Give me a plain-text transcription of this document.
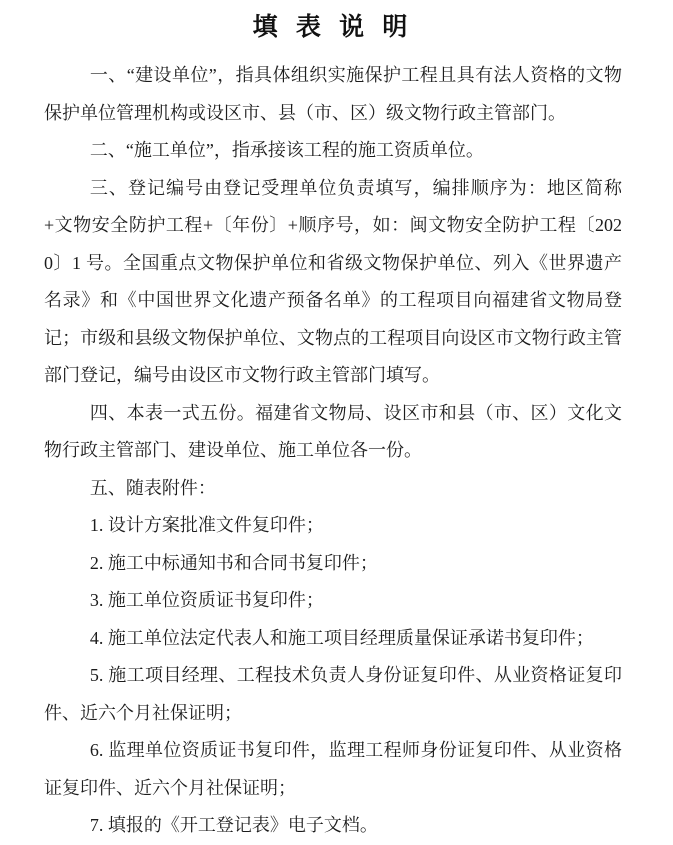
填 表 说 明

一、“建设单位”，指具体组织实施保护工程且具有法人资格的文物保护单位管理机构或设区市、县（市、区）级文物行政主管部门。

二、“施工单位”，指承接该工程的施工资质单位。

三、登记编号由登记受理单位负责填写，编排顺序为：地区简称+文物安全防护工程+〔年份〕+顺序号，如：闽文物安全防护工程〔2020〕1 号。全国重点文物保护单位和省级文物保护单位、列入《世界遗产名录》和《中国世界文化遗产预备名单》的工程项目向福建省文物局登记；市级和县级文物保护单位、文物点的工程项目向设区市文物行政主管部门登记，编号由设区市文物行政主管部门填写。

四、本表一式五份。福建省文物局、设区市和县（市、区）文化文物行政主管部门、建设单位、施工单位各一份。

五、随表附件：

1. 设计方案批准文件复印件；

2. 施工中标通知书和合同书复印件；

3. 施工单位资质证书复印件；

4. 施工单位法定代表人和施工项目经理质量保证承诺书复印件；

5. 施工项目经理、工程技术负责人身份证复印件、从业资格证复印件、近六个月社保证明；

6. 监理单位资质证书复印件，监理工程师身份证复印件、从业资格证复印件、近六个月社保证明；

7. 填报的《开工登记表》电子文档。
